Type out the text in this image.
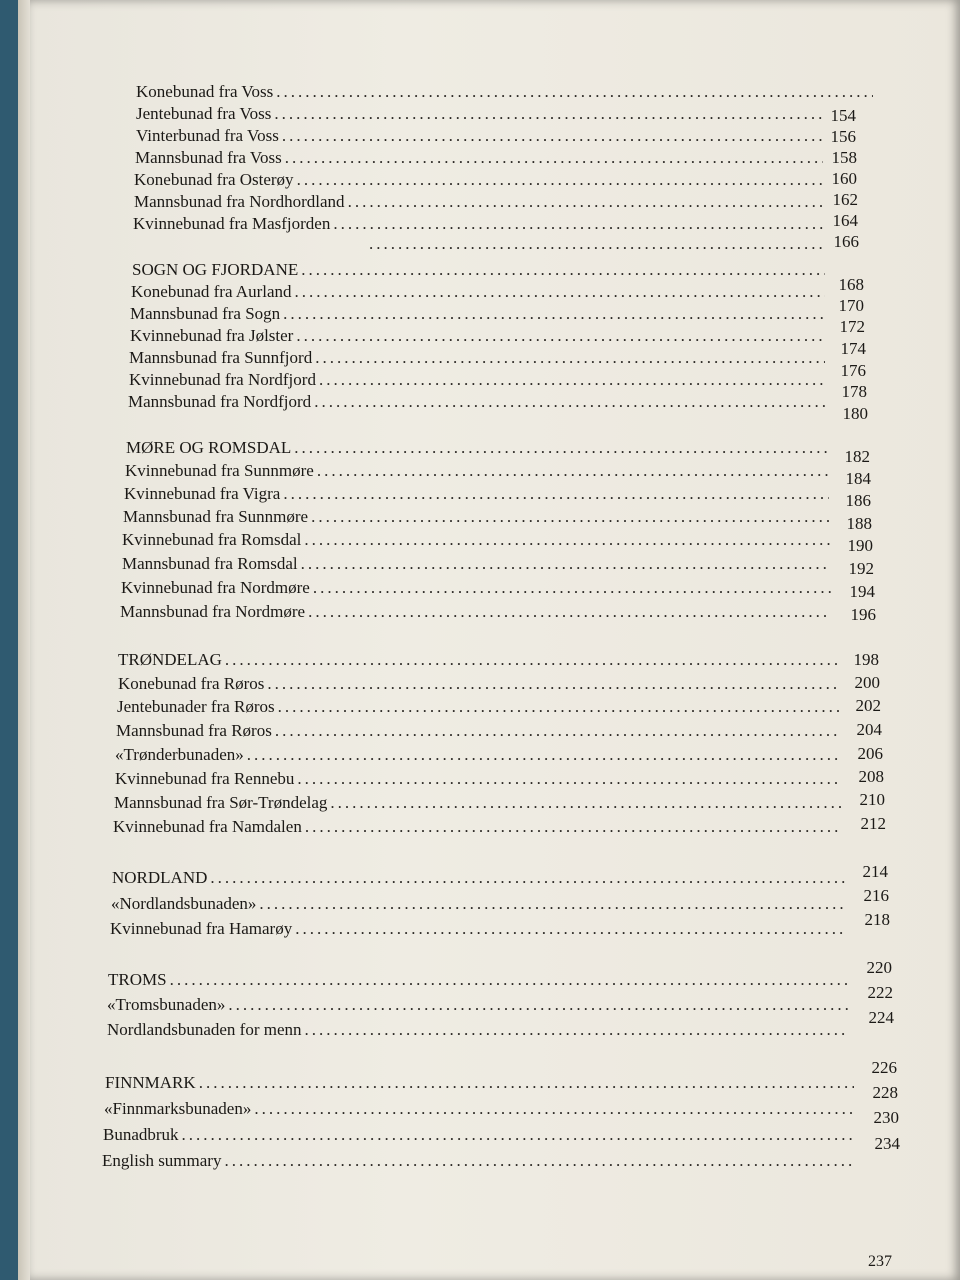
Konebunad fra Voss
.....
Jentebunad fra Voss
.....
Vinterbunad fra Voss
.....
Mannsbunad fra Voss
.....
Konebunad fra Osterøy
.....
Mannsbunad fra Nordhordland
.....
Kvinnebunad fra Masfjorden
.....
.....
SOGN OG FJORDANE
.....
Konebunad fra Aurland
.....
Mannsbunad fra Sogn
.....
Kvinnebunad fra Jølster
.....
Mannsbunad fra Sunnfjord
.....
Kvinnebunad fra Nordfjord
.....
Mannsbunad fra Nordfjord
.....
MØRE OG ROMSDAL
.....
Kvinnebunad fra Sunnmøre
.....
Kvinnebunad fra Vigra
.....
Mannsbunad fra Sunnmøre
.....
Kvinnebunad fra Romsdal
.....
Mannsbunad fra Romsdal
.....
Kvinnebunad fra Nordmøre
.....
Mannsbunad fra Nordmøre
.....
TRØNDELAG
.....
Konebunad fra Røros
.....
Jentebunader fra Røros
.....
Mannsbunad fra Røros
.....
«Trønderbunaden»
.....
Kvinnebunad fra Rennebu
.....
Mannsbunad fra Sør-Trøndelag
.....
Kvinnebunad fra Namdalen
.....
NORDLAND
.....
«Nordlandsbunaden»
.....
Kvinnebunad fra Hamarøy
.....
TROMS
.....
«Tromsbunaden»
.....
Nordlandsbunaden for menn
.....
FINNMARK
.....
«Finnmarksbunaden»
.....
Bunadbruk
.....
English summary
.....
154
156
158
160
162
164
166
168
170
172
174
176
178
180
182
184
186
188
190
192
194
196
198
200
202
204
206
208
210
212
214
216
218
220
222
224
226
228
230
234
237
